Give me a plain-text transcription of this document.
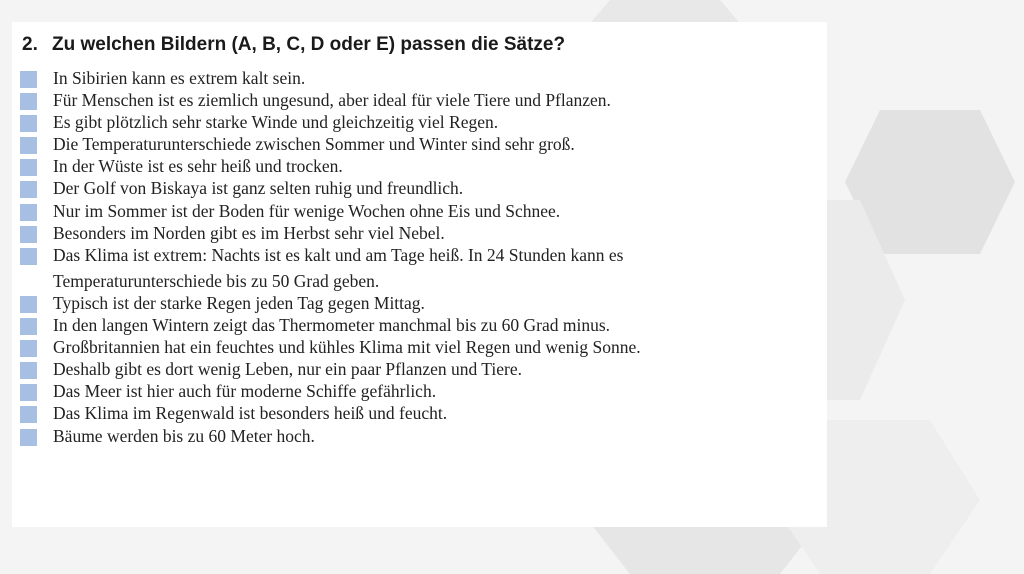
2. Zu welchen Bildern (A, B, C, D oder E) passen die Sätze?
In Sibirien kann es extrem kalt sein.
Für Menschen ist es ziemlich ungesund, aber ideal für viele Tiere und Pflanzen.
Es gibt plötzlich sehr starke Winde und gleichzeitig viel Regen.
Die Temperaturunterschiede zwischen Sommer und Winter sind sehr groß.
In der Wüste ist es sehr heiß und trocken.
Der Golf von Biskaya ist ganz selten ruhig und freundlich.
Nur im Sommer ist der Boden für wenige Wochen ohne Eis und Schnee.
Besonders im Norden gibt es im Herbst sehr viel Nebel.
Das Klima ist extrem: Nachts ist es kalt und am Tage heiß. In 24 Stunden kann es
Temperaturunterschiede bis zu 50 Grad geben.
Typisch ist der starke Regen jeden Tag gegen Mittag.
In den langen Wintern zeigt das Thermometer manchmal bis zu 60 Grad minus.
Großbritannien hat ein feuchtes und kühles Klima mit viel Regen und wenig Sonne.
Deshalb gibt es dort wenig Leben, nur ein paar Pflanzen und Tiere.
Das Meer ist hier auch für moderne Schiffe gefährlich.
Das Klima im Regenwald ist besonders heiß und feucht.
Bäume werden bis zu 60 Meter hoch.
